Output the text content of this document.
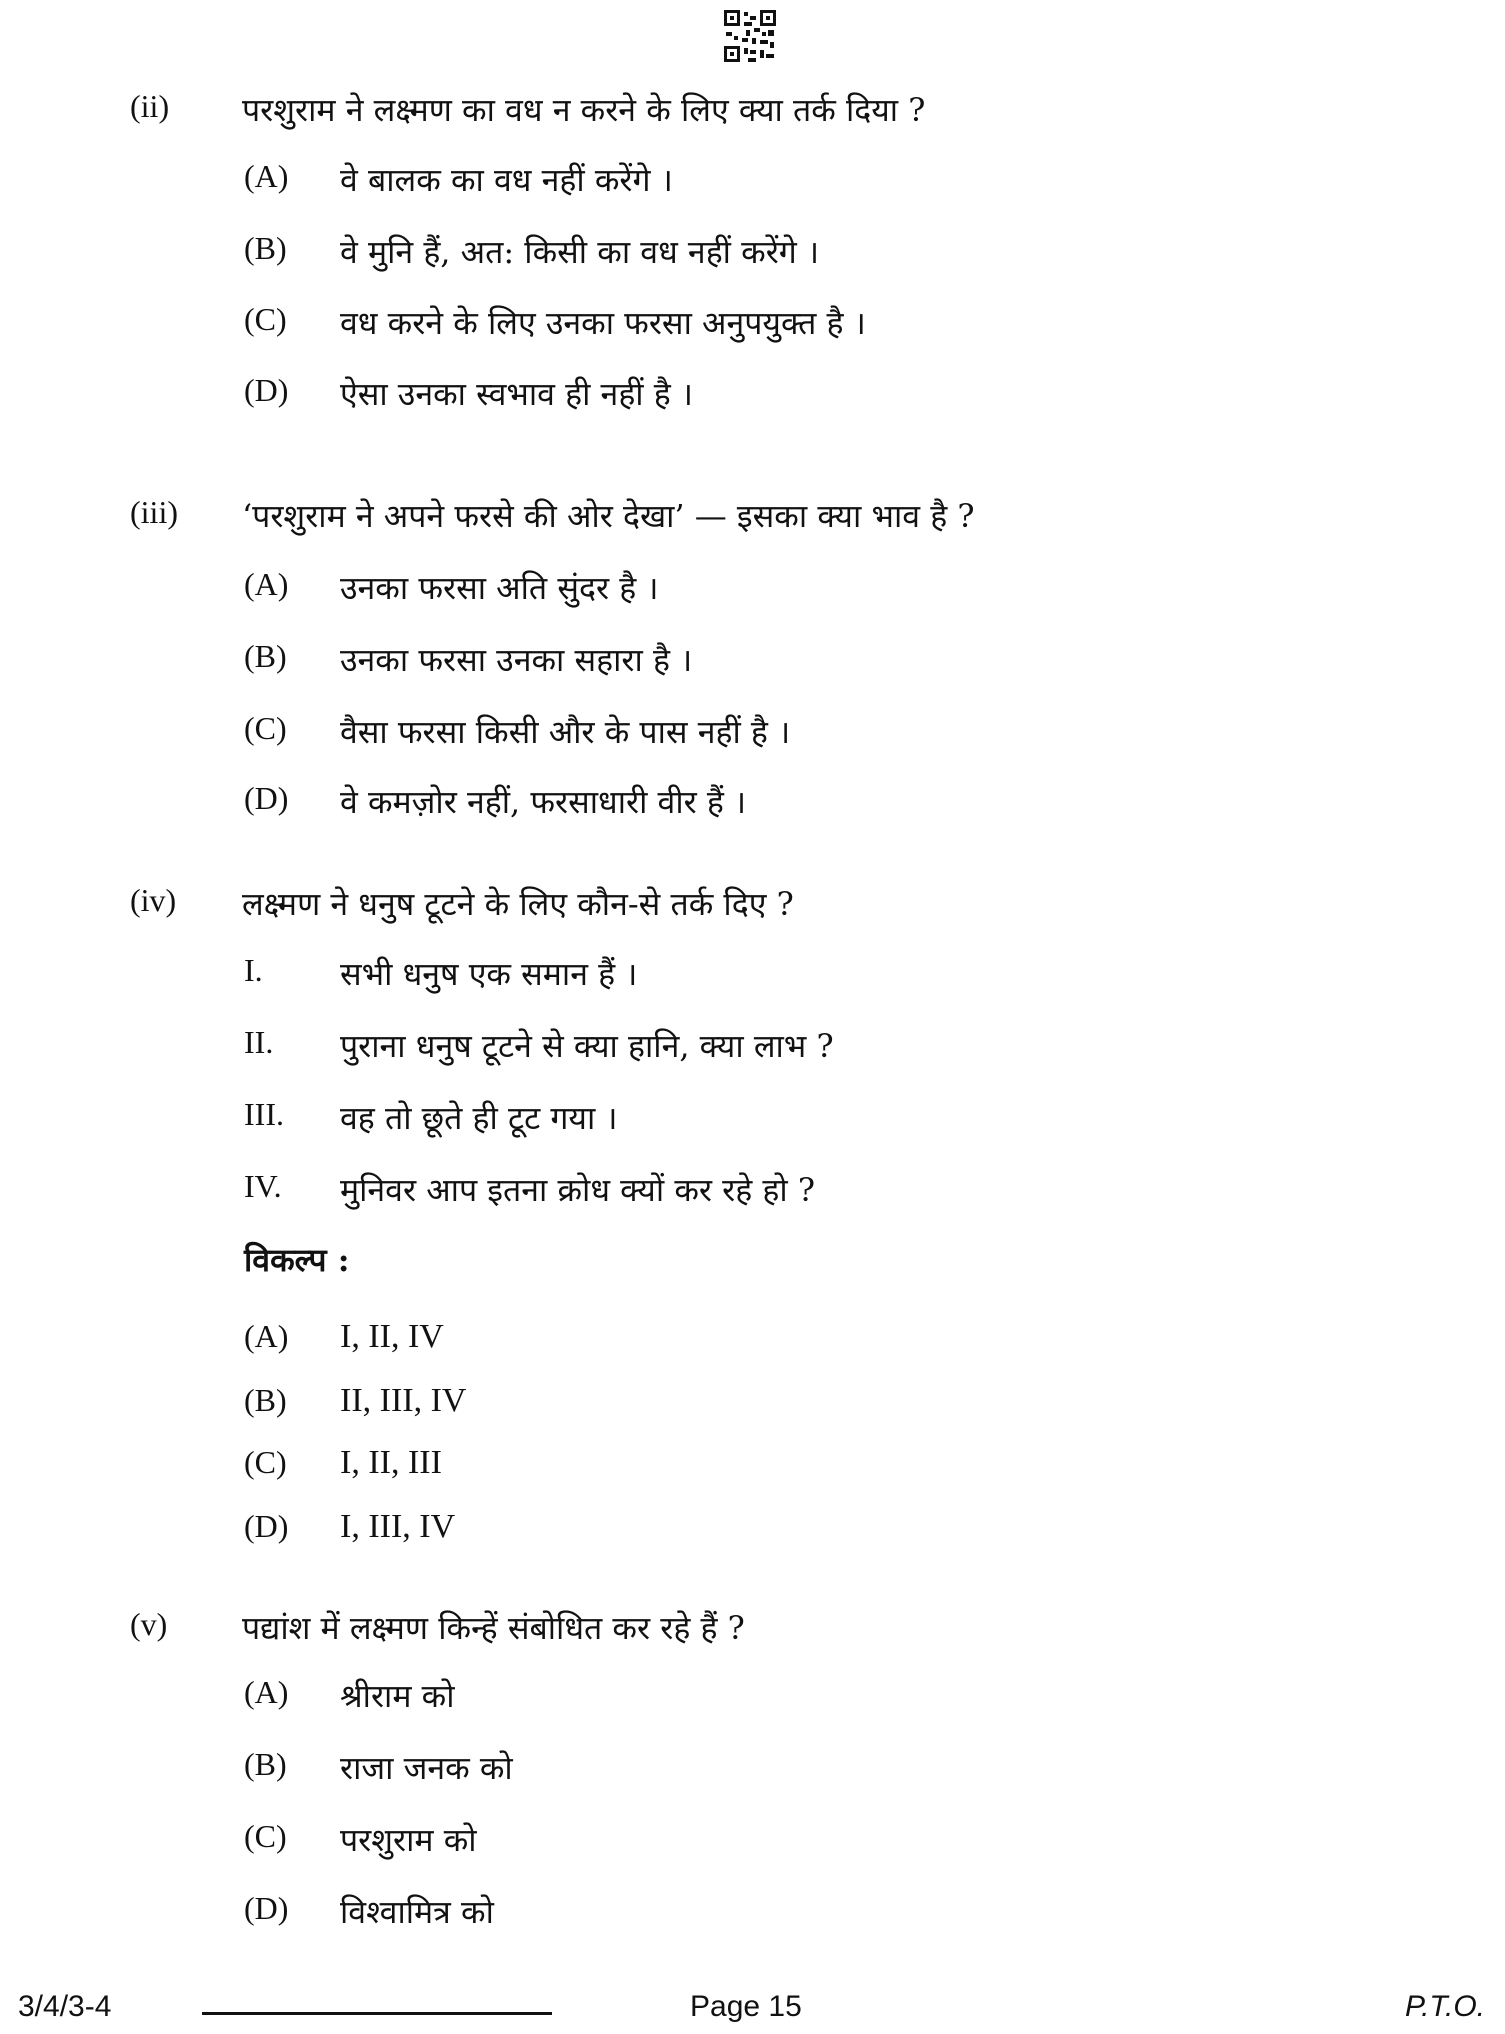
(ii) परशुराम ने लक्ष्मण का वध न करने के लिए क्या तर्क दिया ?
(A) वे बालक का वध नहीं करेंगे ।
(B) वे मुनि हैं, अत: किसी का वध नहीं करेंगे ।
(C) वध करने के लिए उनका फरसा अनुपयुक्त है ।
(D) ऐसा उनका स्वभाव ही नहीं है ।
(iii) ‘परशुराम ने अपने फरसे की ओर देखा’ — इसका क्या भाव है ?
(A) उनका फरसा अति सुंदर है ।
(B) उनका फरसा उनका सहारा है ।
(C) वैसा फरसा किसी और के पास नहीं है ।
(D) वे कमज़ोर नहीं, फरसाधारी वीर हैं ।
(iv) लक्ष्मण ने धनुष टूटने के लिए कौन-से तर्क दिए ?
I. सभी धनुष एक समान हैं ।
II. पुराना धनुष टूटने से क्या हानि, क्या लाभ ?
III. वह तो छूते ही टूट गया ।
IV. मुनिवर आप इतना क्रोध क्यों कर रहे हो ?
विकल्प :
(A) I, II, IV
(B) II, III, IV
(C) I, II, III
(D) I, III, IV
(v) पद्यांश में लक्ष्मण किन्हें संबोधित कर रहे हैं ?
(A) श्रीराम को
(B) राजा जनक को
(C) परशुराम को
(D) विश्वामित्र को
3/4/3-4	Page 15	P.T.O.
